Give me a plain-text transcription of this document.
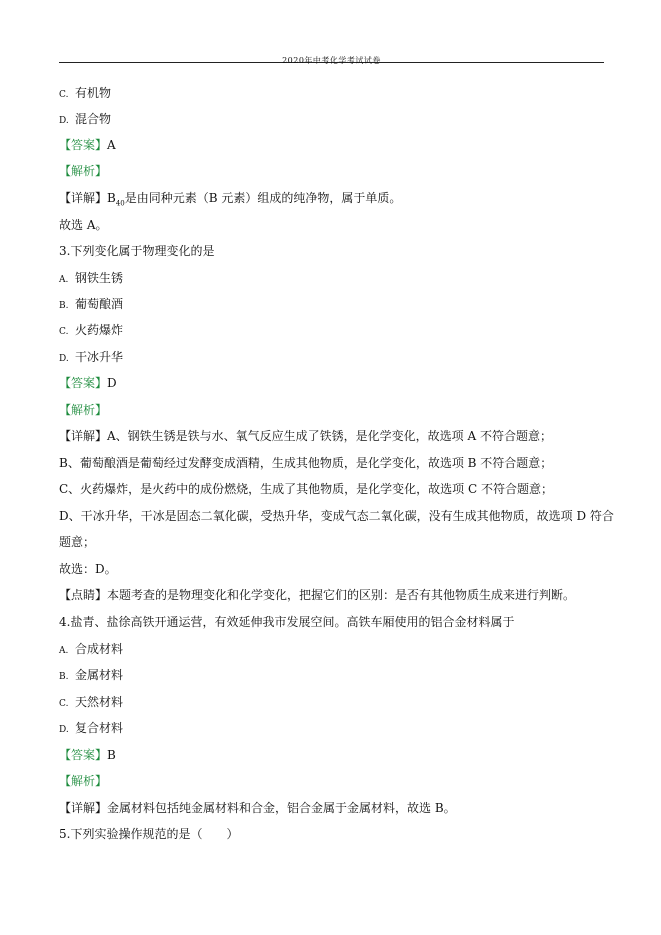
2020年中考化学考试试卷
C. 有机物
D. 混合物
【答案】A
【解析】
【详解】$B_{40}$是由同种元素（B 元素）组成的纯净物，属于单质。
故选 A。
3.下列变化属于物理变化的是
A. 钢铁生锈
B. 葡萄酿酒
C. 火药爆炸
D. 干冰升华
【答案】D
【解析】
【详解】A、钢铁生锈是铁与水、氧气反应生成了铁锈，是化学变化，故选项 A 不符合题意；
B、葡萄酿酒是葡萄经过发酵变成酒精，生成其他物质，是化学变化，故选项 B 不符合题意；
C、火药爆炸，是火药中的成份燃烧，生成了其他物质，是化学变化，故选项 C 不符合题意；
D、干冰升华，干冰是固态二氧化碳，受热升华，变成气态二氧化碳，没有生成其他物质，故选项 D 符合
题意；
故选：D。
【点睛】本题考查的是物理变化和化学变化，把握它们的区别：是否有其他物质生成来进行判断。
4.盐青、盐徐高铁开通运营，有效延伸我市发展空间。高铁车厢使用的铝合金材料属于
A. 合成材料
B. 金属材料
C. 天然材料
D. 复合材料
【答案】B
【解析】
【详解】金属材料包括纯金属材料和合金，铝合金属于金属材料，故选 B。
5.下列实验操作规范的是（　　）
